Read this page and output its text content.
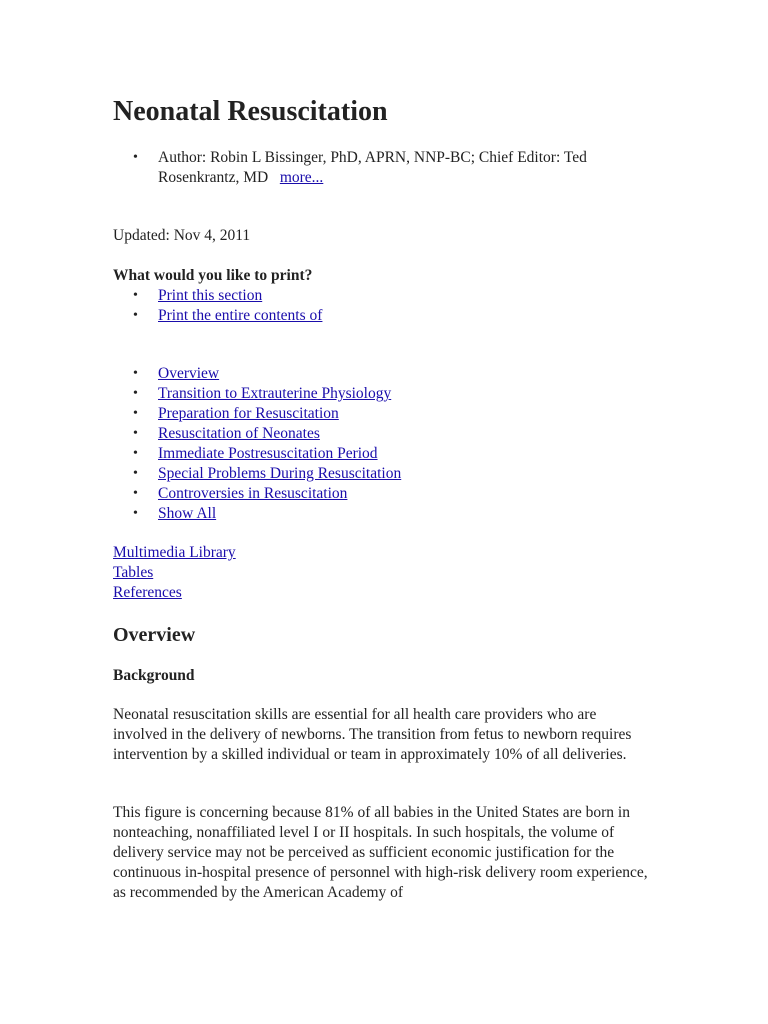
Neonatal Resuscitation
• Author: Robin L Bissinger, PhD, APRN, NNP-BC; Chief Editor: Ted Rosenkrantz, MD more...
Updated: Nov 4, 2011
What would you like to print?
• Print this section
• Print the entire contents of
• Overview
• Transition to Extrauterine Physiology
• Preparation for Resuscitation
• Resuscitation of Neonates
• Immediate Postresuscitation Period
• Special Problems During Resuscitation
• Controversies in Resuscitation
• Show All
Multimedia Library
Tables
References
Overview
Background

Neonatal resuscitation skills are essential for all health care providers who are involved in the delivery of newborns. The transition from fetus to newborn requires intervention by a skilled individual or team in approximately 10% of all deliveries.

This figure is concerning because 81% of all babies in the United States are born in nonteaching, nonaffiliated level I or II hospitals. In such hospitals, the volume of delivery service may not be perceived as sufficient economic justification for the continuous in-hospital presence of personnel with high-risk delivery room experience, as recommended by the American Academy of
